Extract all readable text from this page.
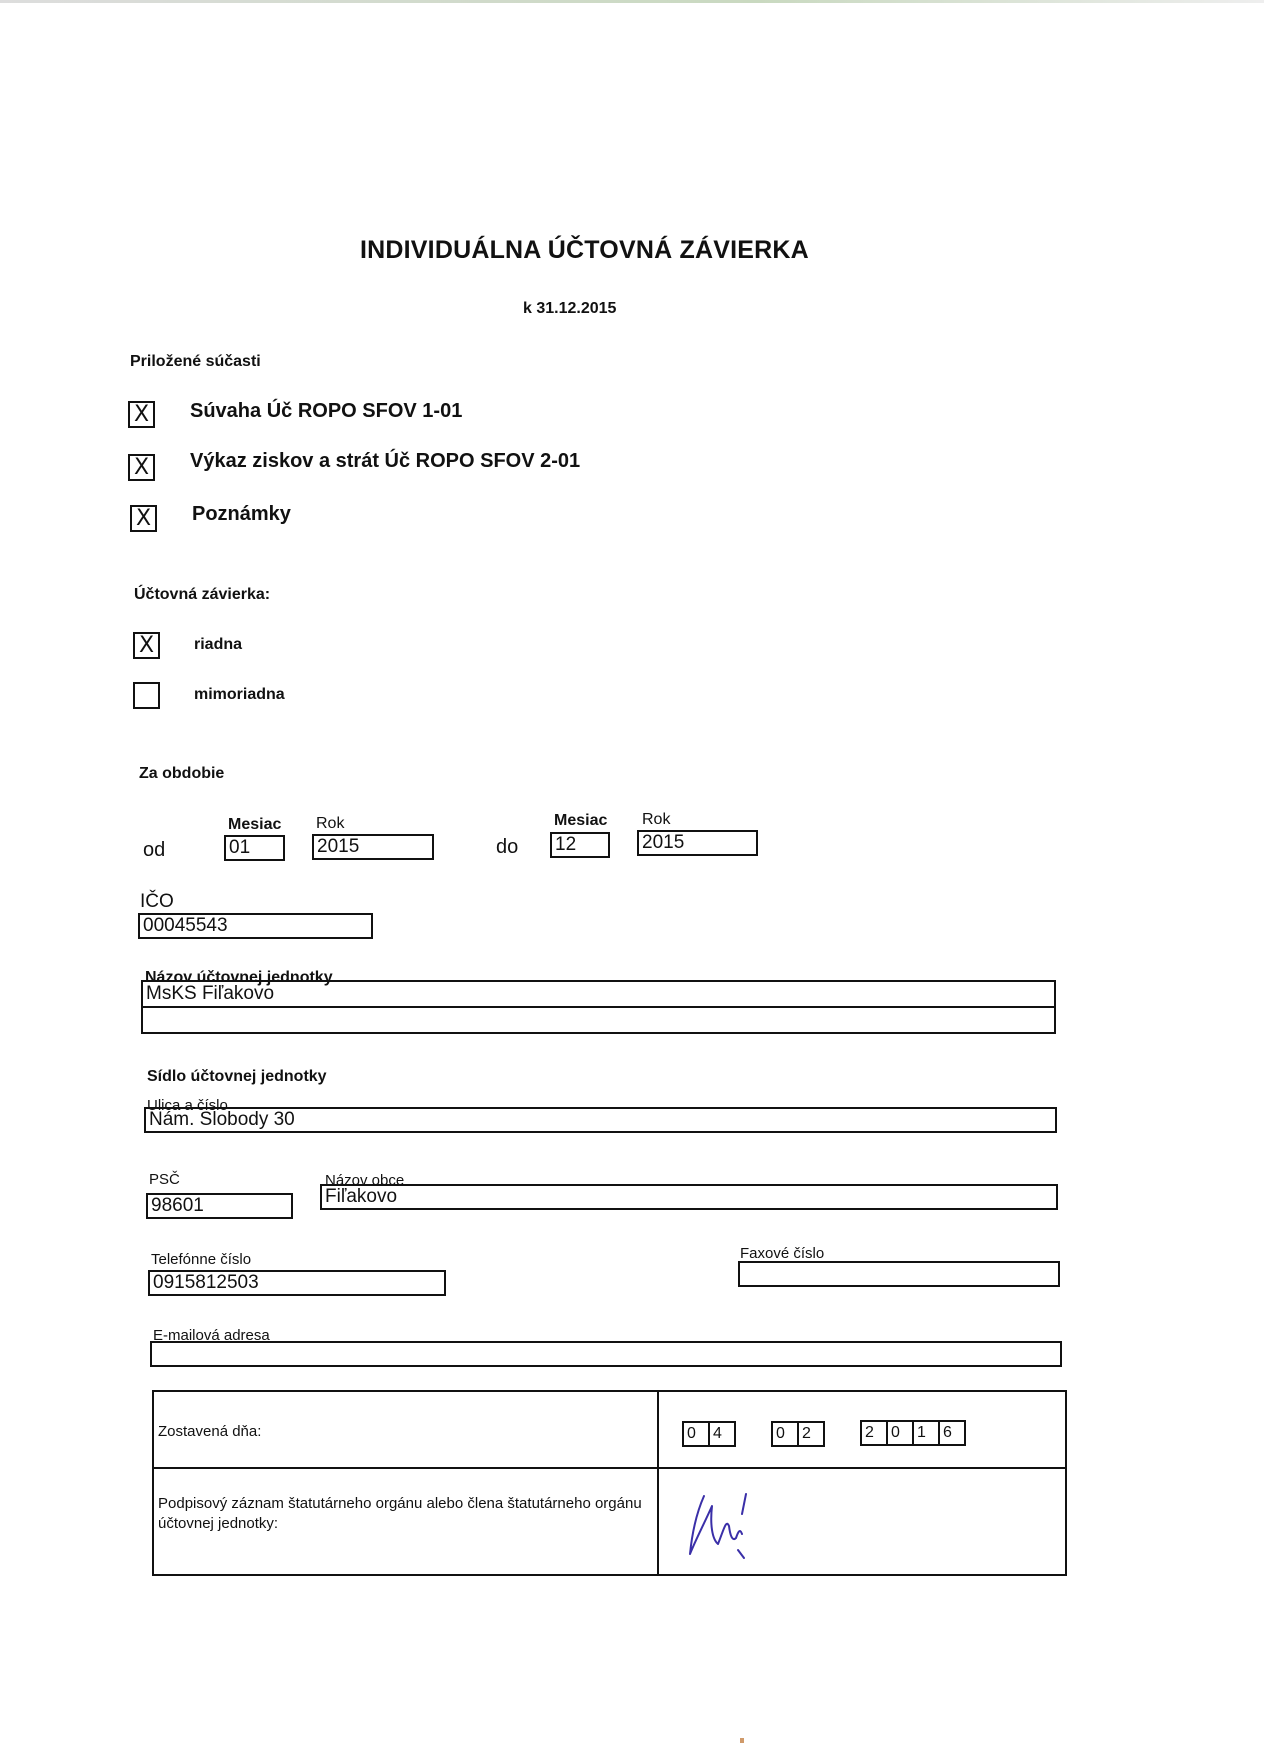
INDIVIDUÁLNA ÚČTOVNÁ ZÁVIERKA
k 31.12.2015
Priložené súčasti
X Súvaha Úč ROPO SFOV 1-01
X Výkaz ziskov a strát Úč ROPO SFOV 2-01
X Poznámky
Účtovná závierka:
X	riadna
mimoriadna
Za obdobie
Mesiac Rok	Mesiac Rok
od	01	2015	do 12	2015
IČO
00045543
Názov účtovnej jednotky
MsKS Fiľakovo
Sídlo účtovnej jednotky
Ulica a číslo
Nám. Slobody 30
PSČ
98601
Názov obce
Fiľakovo
Telefónne číslo
0915812503
Faxové číslo
E-mailová adresa
Zostavená dňa:	0	4	0	2	2	0	1	6
Podpisový záznam štatutárneho orgánu alebo člena štatutárneho orgánu účtovnej jednotky:
